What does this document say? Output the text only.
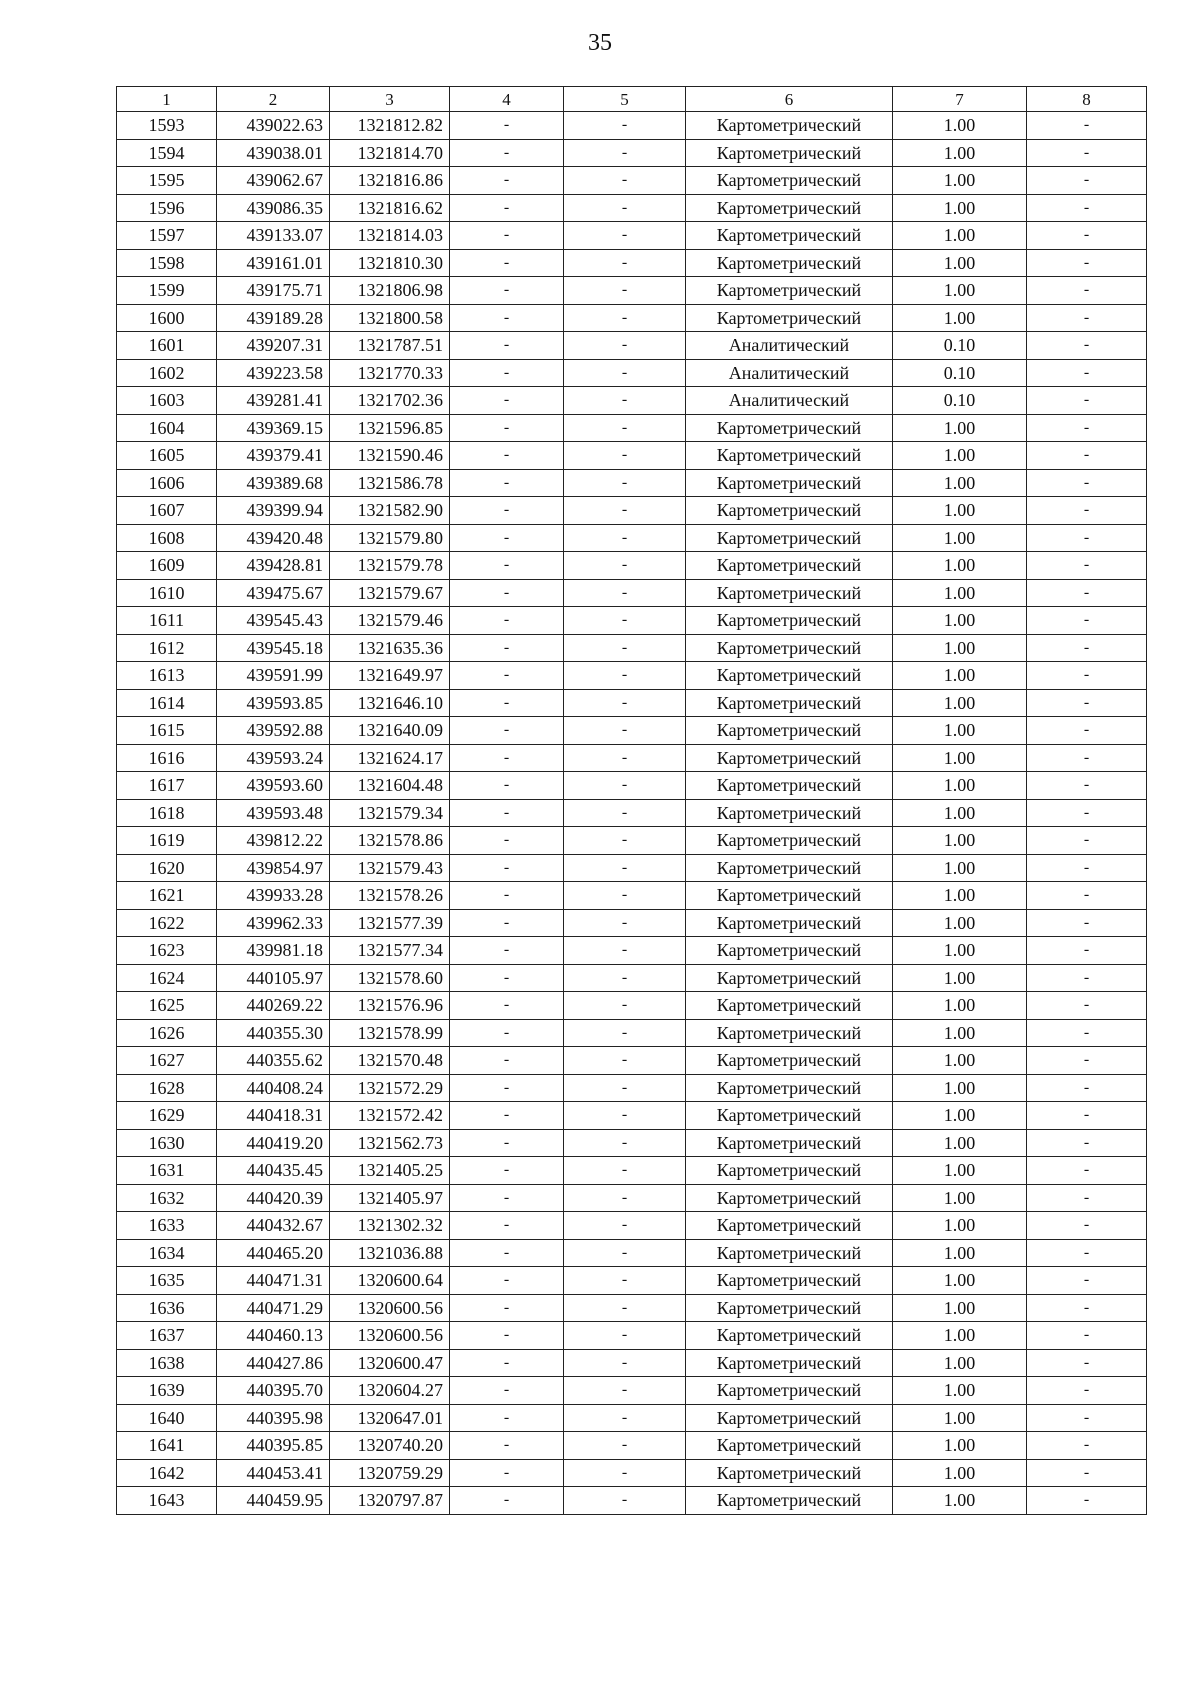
35
1	2	3	4	5	6	7	8
1593	439022.63	1321812.82	-	-	Картометрический	1.00	-
1594	439038.01	1321814.70	-	-	Картометрический	1.00	-
1595	439062.67	1321816.86	-	-	Картометрический	1.00	-
1596	439086.35	1321816.62	-	-	Картометрический	1.00	-
1597	439133.07	1321814.03	-	-	Картометрический	1.00	-
1598	439161.01	1321810.30	-	-	Картометрический	1.00	-
1599	439175.71	1321806.98	-	-	Картометрический	1.00	-
1600	439189.28	1321800.58	-	-	Картометрический	1.00	-
1601	439207.31	1321787.51	-	-	Аналитический	0.10	-
1602	439223.58	1321770.33	-	-	Аналитический	0.10	-
1603	439281.41	1321702.36	-	-	Аналитический	0.10	-
1604	439369.15	1321596.85	-	-	Картометрический	1.00	-
1605	439379.41	1321590.46	-	-	Картометрический	1.00	-
1606	439389.68	1321586.78	-	-	Картометрический	1.00	-
1607	439399.94	1321582.90	-	-	Картометрический	1.00	-
1608	439420.48	1321579.80	-	-	Картометрический	1.00	-
1609	439428.81	1321579.78	-	-	Картометрический	1.00	-
1610	439475.67	1321579.67	-	-	Картометрический	1.00	-
1611	439545.43	1321579.46	-	-	Картометрический	1.00	-
1612	439545.18	1321635.36	-	-	Картометрический	1.00	-
1613	439591.99	1321649.97	-	-	Картометрический	1.00	-
1614	439593.85	1321646.10	-	-	Картометрический	1.00	-
1615	439592.88	1321640.09	-	-	Картометрический	1.00	-
1616	439593.24	1321624.17	-	-	Картометрический	1.00	-
1617	439593.60	1321604.48	-	-	Картометрический	1.00	-
1618	439593.48	1321579.34	-	-	Картометрический	1.00	-
1619	439812.22	1321578.86	-	-	Картометрический	1.00	-
1620	439854.97	1321579.43	-	-	Картометрический	1.00	-
1621	439933.28	1321578.26	-	-	Картометрический	1.00	-
1622	439962.33	1321577.39	-	-	Картометрический	1.00	-
1623	439981.18	1321577.34	-	-	Картометрический	1.00	-
1624	440105.97	1321578.60	-	-	Картометрический	1.00	-
1625	440269.22	1321576.96	-	-	Картометрический	1.00	-
1626	440355.30	1321578.99	-	-	Картометрический	1.00	-
1627	440355.62	1321570.48	-	-	Картометрический	1.00	-
1628	440408.24	1321572.29	-	-	Картометрический	1.00	-
1629	440418.31	1321572.42	-	-	Картометрический	1.00	-
1630	440419.20	1321562.73	-	-	Картометрический	1.00	-
1631	440435.45	1321405.25	-	-	Картометрический	1.00	-
1632	440420.39	1321405.97	-	-	Картометрический	1.00	-
1633	440432.67	1321302.32	-	-	Картометрический	1.00	-
1634	440465.20	1321036.88	-	-	Картометрический	1.00	-
1635	440471.31	1320600.64	-	-	Картометрический	1.00	-
1636	440471.29	1320600.56	-	-	Картометрический	1.00	-
1637	440460.13	1320600.56	-	-	Картометрический	1.00	-
1638	440427.86	1320600.47	-	-	Картометрический	1.00	-
1639	440395.70	1320604.27	-	-	Картометрический	1.00	-
1640	440395.98	1320647.01	-	-	Картометрический	1.00	-
1641	440395.85	1320740.20	-	-	Картометрический	1.00	-
1642	440453.41	1320759.29	-	-	Картометрический	1.00	-
1643	440459.95	1320797.87	-	-	Картометрический	1.00	-
